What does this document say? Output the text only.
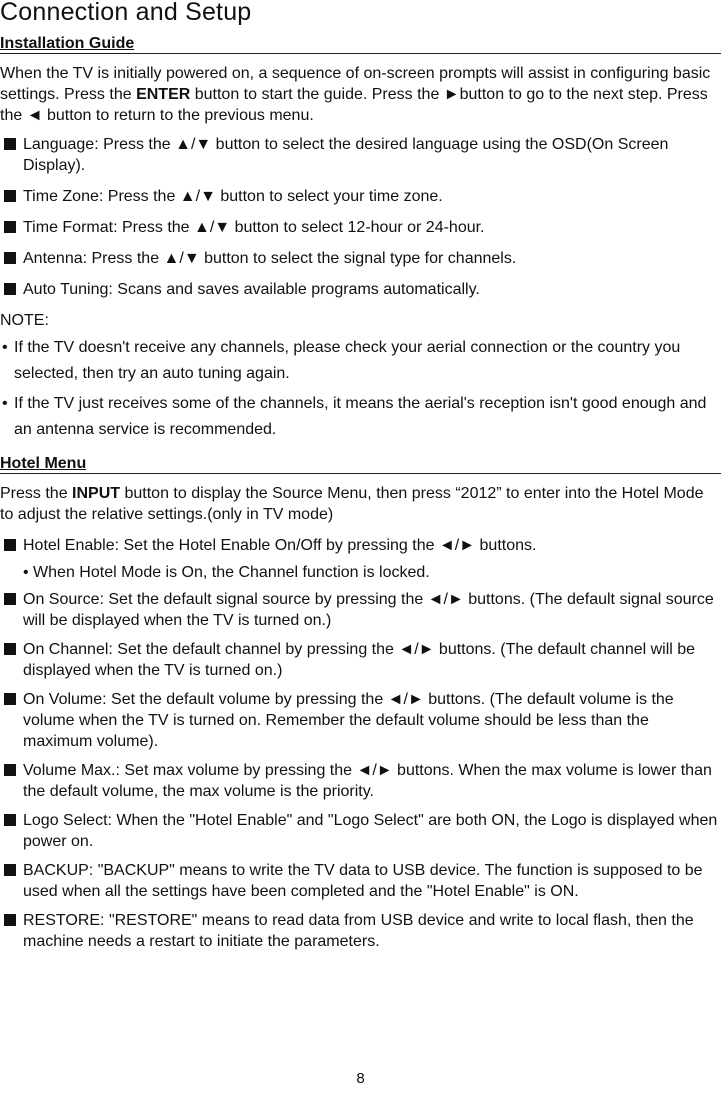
Connection and Setup
Installation Guide

When the TV is initially powered on, a sequence of on-screen prompts will assist in configuring basic settings. Press the ENTER button to start the guide. Press the ►button to go to the next step. Press the ◄ button to return to the previous menu.

Language: Press the ▲/▼ button to select the desired language using the OSD(On Screen Display).
Time Zone: Press the ▲/▼ button to select your time zone.
Time Format: Press the ▲/▼ button to select 12-hour or 24-hour.
Antenna: Press the ▲/▼ button to select the signal type for channels.
Auto Tuning: Scans and saves available programs automatically.
NOTE:
• If the TV doesn't receive any channels, please check your aerial connection or the country you selected, then try an auto tuning again.
• If the TV just receives some of the channels, it means the aerial's reception isn't good enough and an antenna service is recommended.
Hotel Menu

Press the INPUT button to display the Source Menu, then press “2012” to enter into the Hotel Mode to adjust the relative settings.(only in TV mode)

Hotel Enable: Set the Hotel Enable On/Off by pressing the ◄/► buttons.
• When Hotel Mode is On, the Channel function is locked.
On Source: Set the default signal source by pressing the ◄/► buttons. (The default signal source will be displayed when the TV is turned on.)
On Channel: Set the default channel by pressing the ◄/► buttons. (The default channel will be displayed when the TV is turned on.)
On Volume: Set the default volume by pressing the ◄/► buttons. (The default volume is the volume when the TV is turned on. Remember the default volume should be less than the maximum volume).
Volume Max.: Set max volume by pressing the ◄/► buttons. When the max volume is lower than the default volume, the max volume is the priority.
Logo Select: When the "Hotel Enable" and "Logo Select" are both ON, the Logo is displayed when power on.
BACKUP: "BACKUP" means to write the TV data to USB device. The function is supposed to be used when all the settings have been completed and the "Hotel Enable" is ON.
RESTORE: "RESTORE" means to read data from USB device and write to local flash, then the machine needs a restart to initiate the parameters.
8
